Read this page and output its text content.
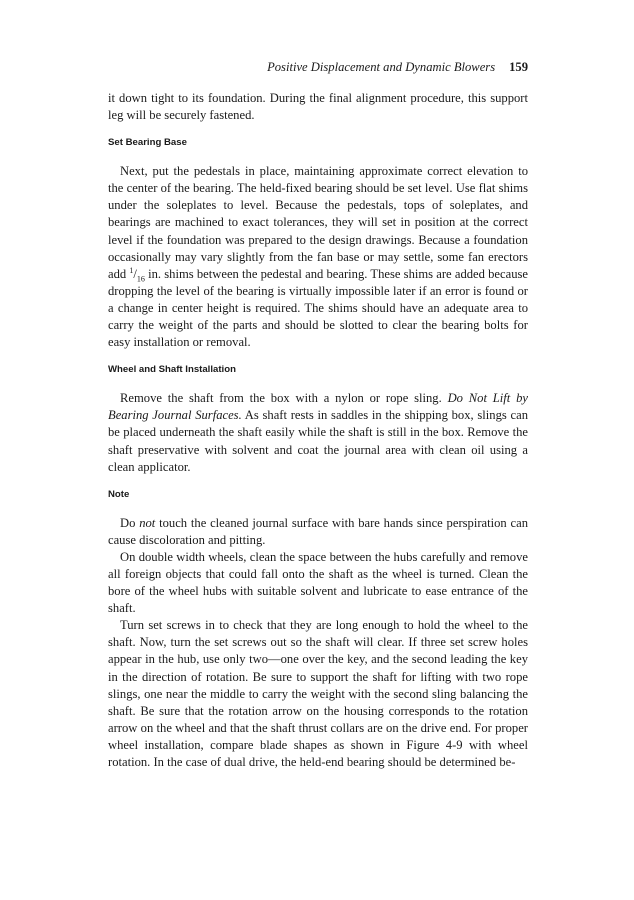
Positive Displacement and Dynamic Blowers 159

it down tight to its foundation. During the final alignment procedure, this support leg will be securely fastened.

Set Bearing Base

Next, put the pedestals in place, maintaining approximate correct elevation to the center of the bearing. The held-fixed bearing should be set level. Use flat shims under the soleplates to level. Because the pedestals, tops of soleplates, and bearings are machined to exact tolerances, they will set in position at the correct level if the foundation was prepared to the design drawings. Because a foundation occasionally may vary slightly from the fan base or may settle, some fan erectors add $^1/_{16}$ in. shims between the pedestal and bearing. These shims are added because dropping the level of the bearing is virtually impossible later if an error is found or a change in center height is required. The shims should have an adequate area to carry the weight of the parts and should be slotted to clear the bearing bolts for easy installation or removal.

Wheel and Shaft Installation

Remove the shaft from the box with a nylon or rope sling. Do Not Lift by Bearing Journal Surfaces. As shaft rests in saddles in the shipping box, slings can be placed underneath the shaft easily while the shaft is still in the box. Remove the shaft preservative with solvent and coat the journal area with clean oil using a clean applicator.

Note

Do not touch the cleaned journal surface with bare hands since perspiration can cause discoloration and pitting.

On double width wheels, clean the space between the hubs carefully and remove all foreign objects that could fall onto the shaft as the wheel is turned. Clean the bore of the wheel hubs with suitable solvent and lubricate to ease entrance of the shaft.

Turn set screws in to check that they are long enough to hold the wheel to the shaft. Now, turn the set screws out so the shaft will clear. If three set screw holes appear in the hub, use only two—one over the key, and the second leading the key in the direction of rotation. Be sure to support the shaft for lifting with two rope slings, one near the middle to carry the weight with the second sling balancing the shaft. Be sure that the rotation arrow on the housing corresponds to the rotation arrow on the wheel and that the shaft thrust collars are on the drive end. For proper wheel installation, compare blade shapes as shown in Figure 4-9 with wheel rotation. In the case of dual drive, the held-end bearing should be determined be-
